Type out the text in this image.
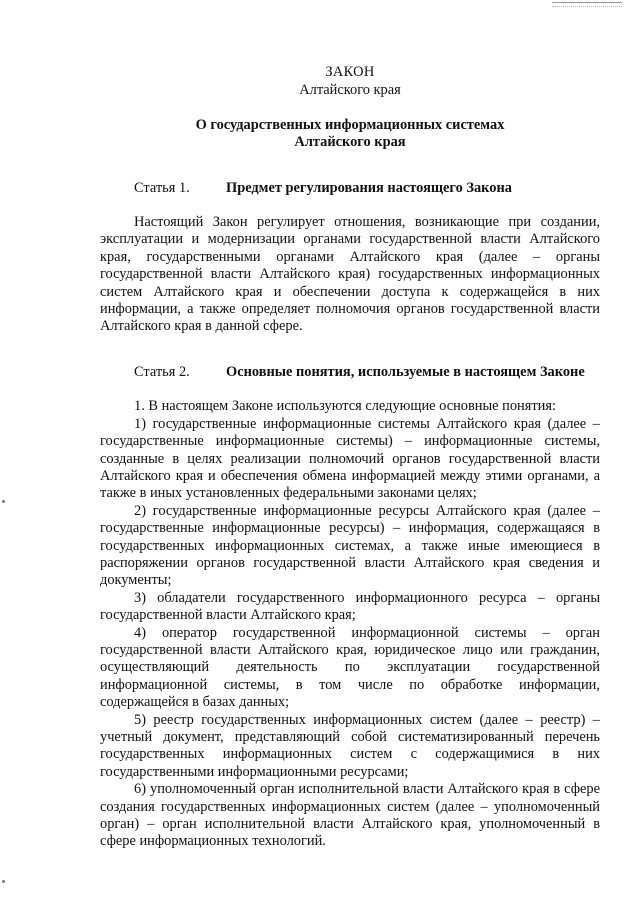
ЗАКОН
Алтайского края
О государственных информационных системах
Алтайского края
Статья 1.	Предмет регулирования настоящего Закона

Настоящий Закон регулирует отношения, возникающие при создании, эксплуатации и модернизации органами государственной власти Алтайского края, государственными органами Алтайского края (далее – органы государственной власти Алтайского края) государственных информационных систем Алтайского края и обеспечении доступа к содержащейся в них информации, а также определяет полномочия органов государственной власти Алтайского края в данной сфере.

Статья 2.	Основные понятия, используемые в настоящем Законе

1. В настоящем Законе используются следующие основные понятия:

1) государственные информационные системы Алтайского края (далее – государственные информационные системы) – информационные системы, созданные в целях реализации полномочий органов государственной власти Алтайского края и обеспечения обмена информацией между этими органами, а также в иных установленных федеральными законами целях;

2) государственные информационные ресурсы Алтайского края (далее – государственные информационные ресурсы) – информация, содержащаяся в государственных информационных системах, а также иные имеющиеся в распоряжении органов государственной власти Алтайского края сведения и документы;

3) обладатели государственного информационного ресурса – органы государственной власти Алтайского края;

4) оператор государственной информационной системы – орган государственной власти Алтайского края, юридическое лицо или гражданин, осуществляющий деятельность по эксплуатации государственной информационной системы, в том числе по обработке информации, содержащейся в базах данных;

5) реестр государственных информационных систем (далее – реестр) – учетный документ, представляющий собой систематизированный перечень государственных информационных систем с содержащимися в них государственными информационными ресурсами;

6) уполномоченный орган исполнительной власти Алтайского края в сфере создания государственных информационных систем (далее – уполномоченный орган) – орган исполнительной власти Алтайского края, уполномоченный в сфере информационных технологий.
